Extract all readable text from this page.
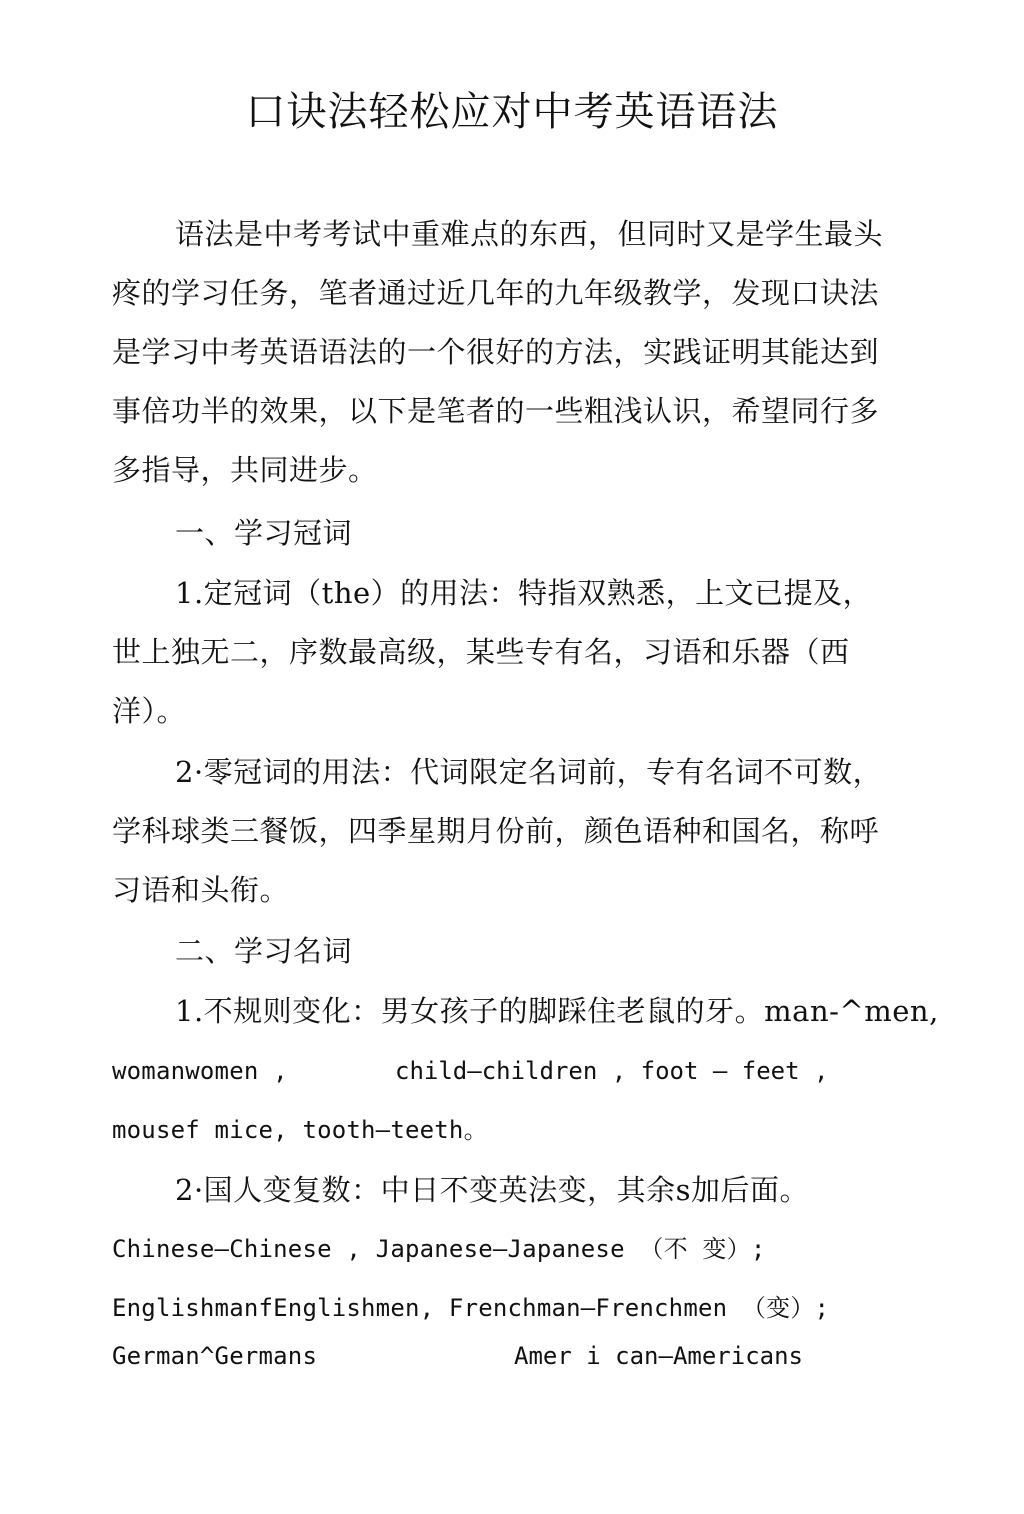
口诀法轻松应对中考英语语法
语法是中考考试中重难点的东西，但同时又是学生最头
疼的学习任务，笔者通过近几年的九年级教学，发现口诀法
是学习中考英语语法的一个很好的方法，实践证明其能达到
事倍功半的效果，以下是笔者的一些粗浅认识，希望同行多
多指导，共同进步。
一、学习冠词
1.定冠词（the）的用法：特指双熟悉，上文已提及，
世上独无二，序数最高级，某些专有名，习语和乐器（西
洋）。
2·零冠词的用法：代词限定名词前，专有名词不可数，
学科球类三餐饭，四季星期月份前，颜色语种和国名，称呼
习语和头衔。
二、学习名词
1.不规则变化：男女孩子的脚踩住老鼠的牙。man-^men,
womanwomen ,	child—children , foot — feet ,
mousef mice, tooth—teeth。
2·国人变复数：中日不变英法变，其余s加后面。
Chinese—Chinese , Japanese—Japanese （不 变）;
EnglishmanfEnglishmen, Frenchman—Frenchmen （变）;
German^Germans	Amer i can—Americans
